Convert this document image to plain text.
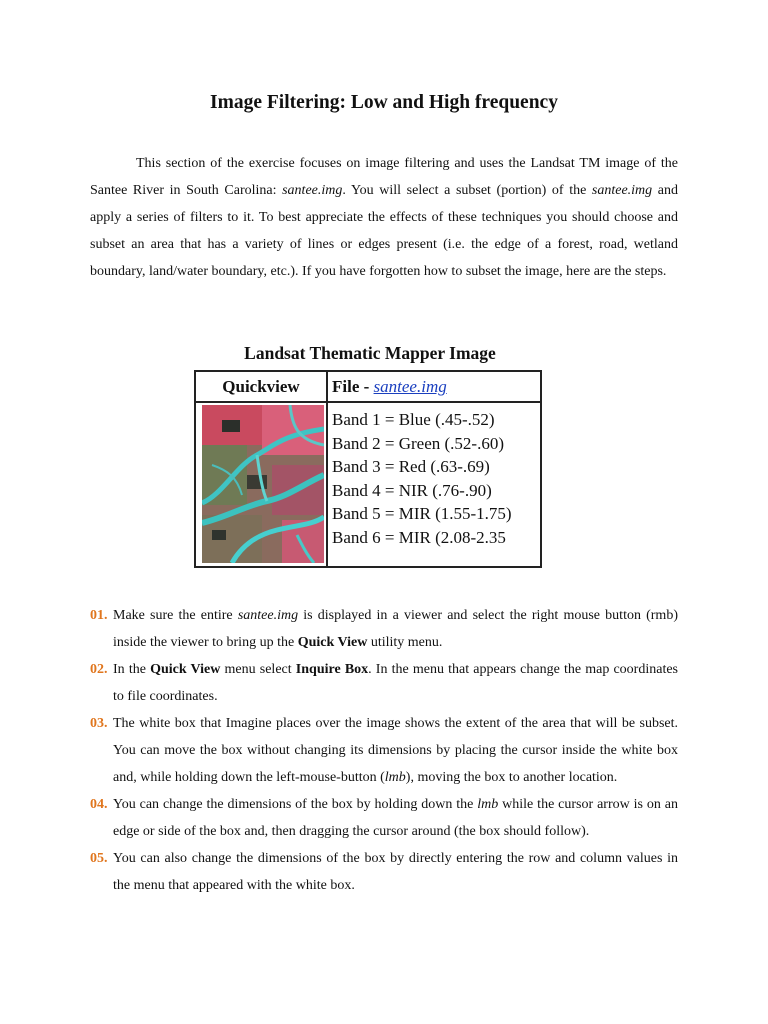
Image Filtering: Low and High frequency
This section of the exercise focuses on image filtering and uses the Landsat TM image of the Santee River in South Carolina: santee.img. You will select a subset (portion) of the santee.img and apply a series of filters to it. To best appreciate the effects of these techniques you should choose and subset an area that has a variety of lines or edges present (i.e. the edge of a forest, road, wetland boundary, land/water boundary, etc.). If you have forgotten how to subset the image, here are the steps.
Landsat Thematic Mapper Image
Quickview	File - santee.img
Band 1 = Blue (.45-.52)
Band 2 = Green (.52-.60)
Band 3 = Red (.63-.69)
Band 4 = NIR (.76-.90)
Band 5 = MIR (1.55-1.75)
Band 6 = MIR (2.08-2.35
01. Make sure the entire santee.img is displayed in a viewer and select the right mouse button (rmb) inside the viewer to bring up the Quick View utility menu.
02. In the Quick View menu select Inquire Box. In the menu that appears change the map coordinates to file coordinates.
03. The white box that Imagine places over the image shows the extent of the area that will be subset. You can move the box without changing its dimensions by placing the cursor inside the white box and, while holding down the left-mouse-button (lmb), moving the box to another location.
04. You can change the dimensions of the box by holding down the lmb while the cursor arrow is on an edge or side of the box and, then dragging the cursor around (the box should follow).
05. You can also change the dimensions of the box by directly entering the row and column values in the menu that appeared with the white box.
